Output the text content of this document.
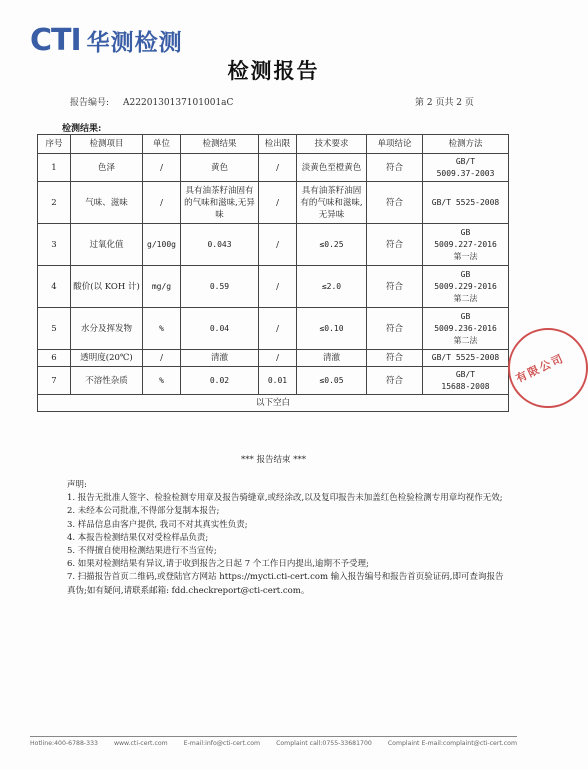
CTI 华测检测
检测报告
报告编号: A2220130137101001aC	第 2 页共 2 页
检测结果:
序号	检测项目	单位	检测结果	检出限	技术要求	单项结论	检测方法
1	色泽	/	黄色	/	淡黄色至橙黄色	符合	GB/T
5009.37-2003

2	气味、滋味	/	具有油茶籽油固有的气味和滋味,无异味	/	具有油茶籽油固有的气味和滋味,无异味	符合	GB/T 5525-2008

3	过氧化值	g/100g	0.043	/	≤0.25	符合	GB
5009.227-2016
第一法

4	酸价(以 KOH 计)	mg/g	0.59	/	≤2.0	符合	GB
5009.229-2016
第二法

5	水分及挥发物	%	0.04	/	≤0.10	符合	GB
5009.236-2016
第二法

6	透明度(20℃)	/	清澈	/	清澈	符合	GB/T 5525-2008

7	不溶性杂质	%	0.02	0.01	≤0.05	符合	GB/T
15688-2008

以下空白							
有限公司
*** 报告结束 ***
声明:
1. 报告无批准人签字、检验检测专用章及报告骑缝章,或经涂改,以及复印报告未加盖红色检验检测专用章均视作无效;
2. 未经本公司批准,不得部分复制本报告;
3. 样品信息由客户提供, 我司不对其真实性负责;
4. 本报告检测结果仅对受检样品负责;
5. 不得擅自使用检测结果进行不当宣传;
6. 如果对检测结果有异议,请于收到报告之日起 7 个工作日内提出,逾期不予受理;
7. 扫描报告首页二维码,或登陆官方网站 https://mycti.cti-cert.com 输入报告编号和报告首页验证码,即可查询报告真伪;如有疑问,请联系邮箱: fdd.checkreport@cti-cert.com。
Hotline:400-6788-333	www.cti-cert.com	E-mail:info@cti-cert.com	Complaint call:0755-33681700	Complaint E-mail:complaint@cti-cert.com
